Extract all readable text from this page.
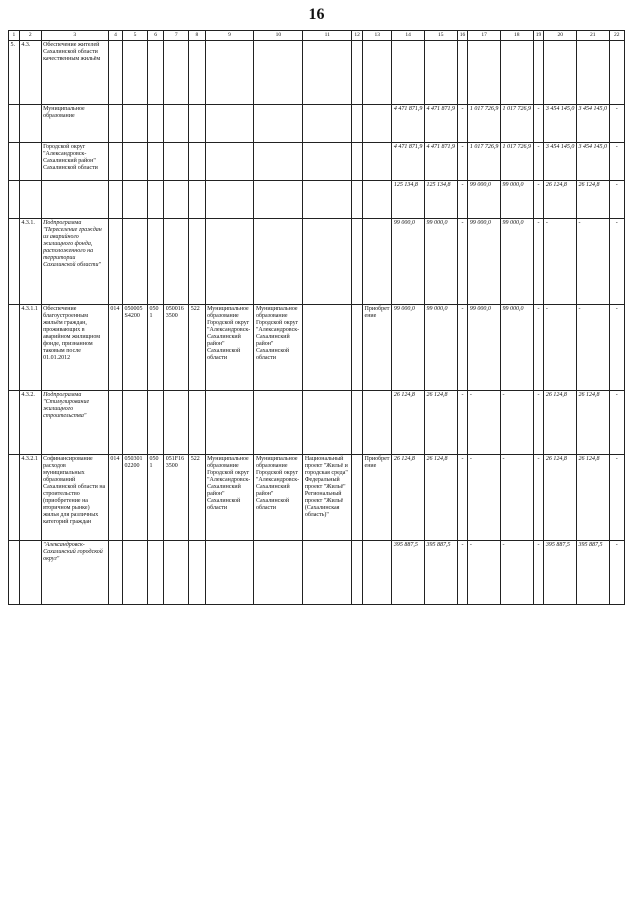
16
1	2	3	4	5	6	7	8	9	10	11	12	13	14	15	16	17	18	19	20	21	22
5.	4.3.	Обеспечение жителей Сахалинской области качественным жильём																			
		Муниципальное образование											4 471 871,9	4 471 871,9	-	1 017 726,9	1 017 726,9	-	3 454 145,0	3 454 145,0	-
		Городской округ "Александровск-Сахалинский район" Сахалинской области											4 471 871,9	4 471 871,9	-	1 017 726,9	1 017 726,9	-	3 454 145,0	3 454 145,0	-
													125 134,8	125 134,8	-	99 000,0	99 000,0	-	26 124,8	26 124,8	-
	4.3.1.	Подпрограмма "Переселение граждан из аварийного жилищного фонда, расположенного на территории Сахалинской области"											99 000,0	99 000,0	-	99 000,0	99 000,0	-	-	-	-
	4.3.1.1	Обеспечение благоустроенным жильём граждан, проживающих в аварийном жилищном фонде, признанном таковым после 01.01.2012	014	050005 S4200	050 1	050016 3500	522	Муниципальное образование Городской округ "Александровск-Сахалинский район" Сахалинской области	Муниципальное образование Городской округ "Александровск-Сахалинский район" Сахалинской области			Приобретение	99 000,0	99 000,0	-	99 000,0	99 000,0	-	-	-	-
	4.3.2.	Подпрограмма "Стимулирование жилищного строительства"											26 124,8	26 124,8	-	-	-	-	26 124,8	26 124,8	-
	4.3.2.1	Софинансирование расходов муниципальных образований Сахалинской области на строительство (приобретение на вторичном рынке) жилья для различных категорий граждан	014	050301 02200	050 1	051F16 3500	522	Муниципальное образование Городской округ "Александровск-Сахалинский район" Сахалинской области	Муниципальное образование Городской округ "Александровск-Сахалинский район" Сахалинской области	Национальный проект "Жильё и городская среда" Федеральный проект "Жильё" Региональный проект "Жильё (Сахалинская область)"		Приобретение	26 124,8	26 124,8	-	-	-	-	26 124,8	26 124,8	-
		"Александровск-Сахалинский городской округ"											395 887,5	395 887,5	-	-	-	-	395 887,5	395 887,5	-
